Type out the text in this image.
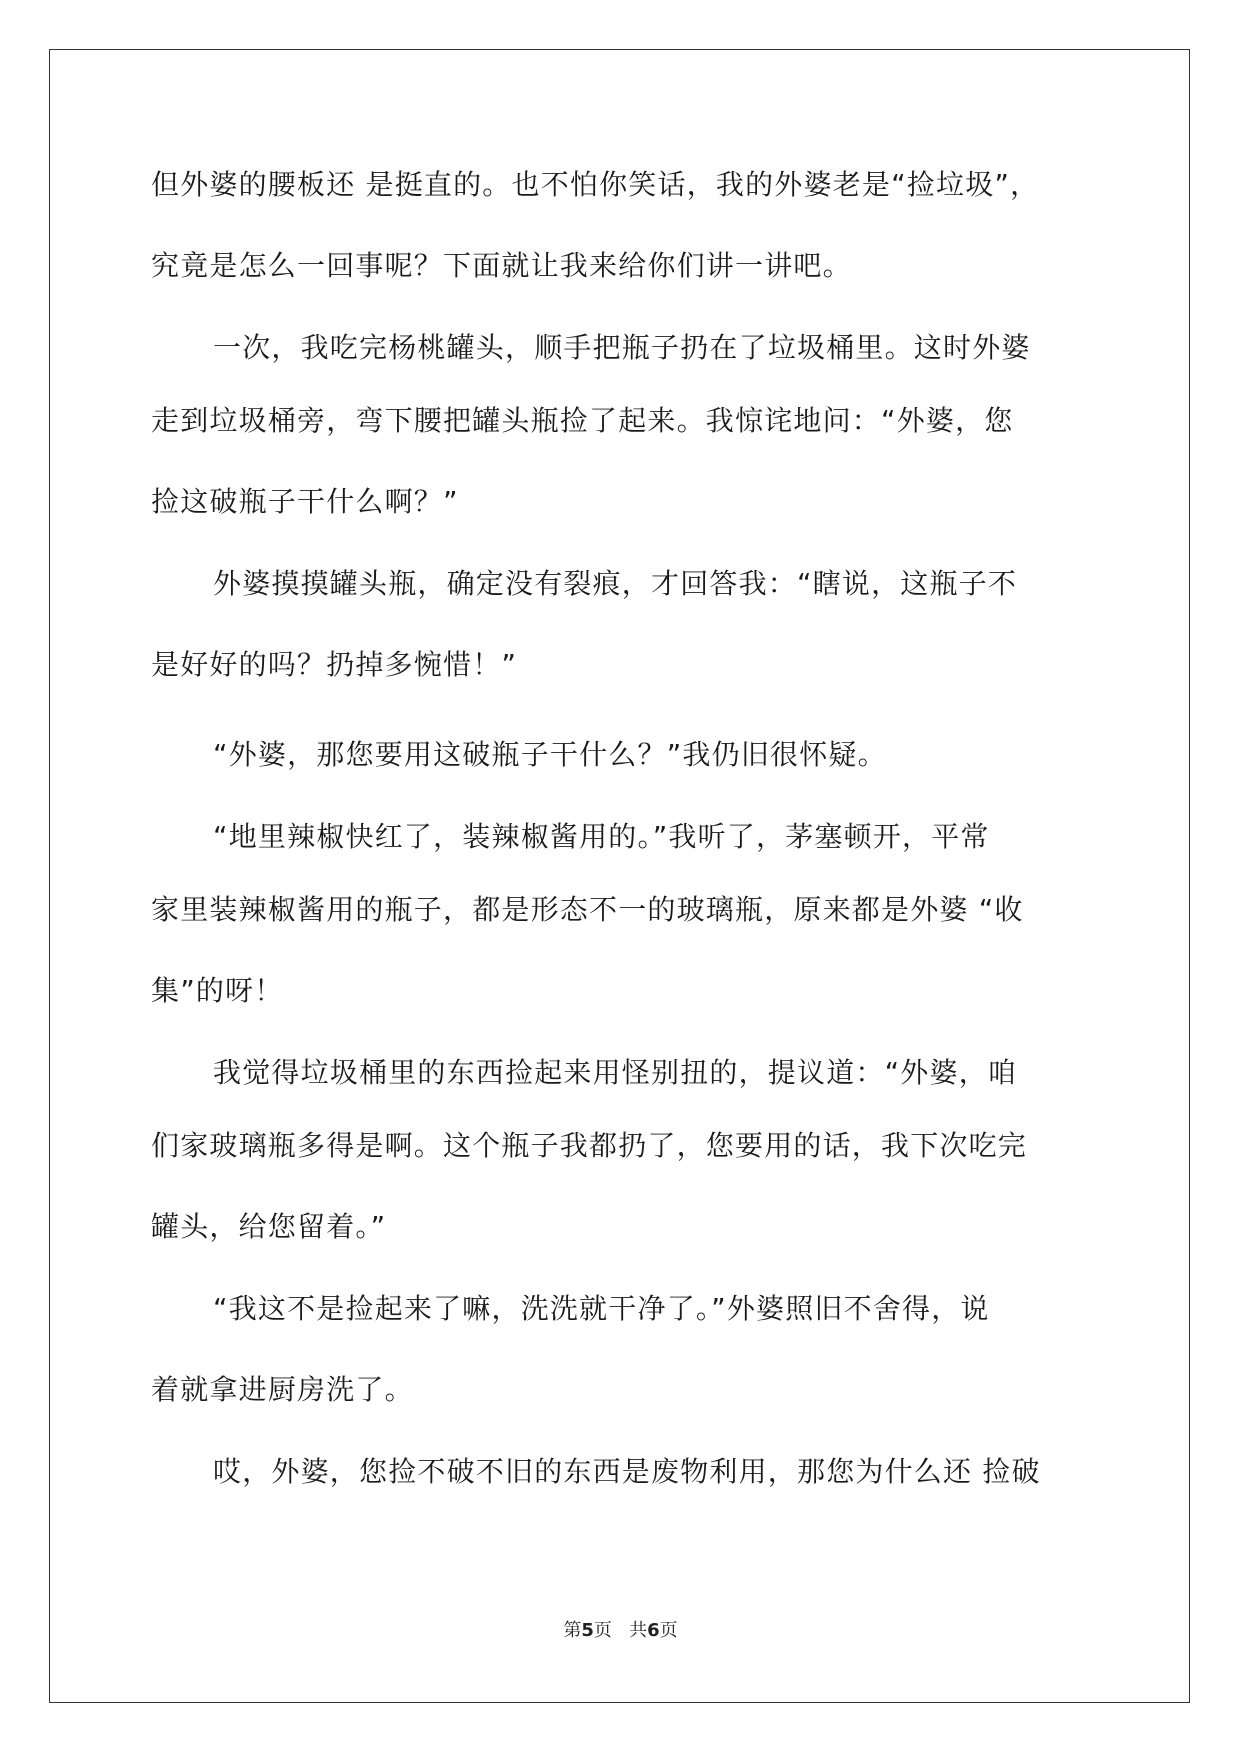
但外婆的腰板还 是挺直的。也不怕你笑话，我的外婆老是“捡垃圾”，
究竟是怎么一回事呢？下面就让我来给你们讲一讲吧。
一次，我吃完杨桃罐头，顺手把瓶子扔在了垃圾桶里。这时外婆
走到垃圾桶旁，弯下腰把罐头瓶捡了起来。我惊诧地问：“外婆，您
捡这破瓶子干什么啊？”
外婆摸摸罐头瓶，确定没有裂痕，才回答我：“瞎说，这瓶子不
是好好的吗？扔掉多惋惜！”
“外婆，那您要用这破瓶子干什么？”我仍旧很怀疑。
“地里辣椒快红了，装辣椒酱用的。”我听了，茅塞顿开，平常
家里装辣椒酱用的瓶子，都是形态不一的玻璃瓶，原来都是外婆 “收
集”的呀！
我觉得垃圾桶里的东西捡起来用怪别扭的，提议道：“外婆，咱
们家玻璃瓶多得是啊。这个瓶子我都扔了，您要用的话，我下次吃完
罐头，给您留着。”
“我这不是捡起来了嘛，洗洗就干净了。”外婆照旧不舍得，说
着就拿进厨房洗了。
哎，外婆，您捡不破不旧的东西是废物利用，那您为什么还 捡破
第5页 共6页
